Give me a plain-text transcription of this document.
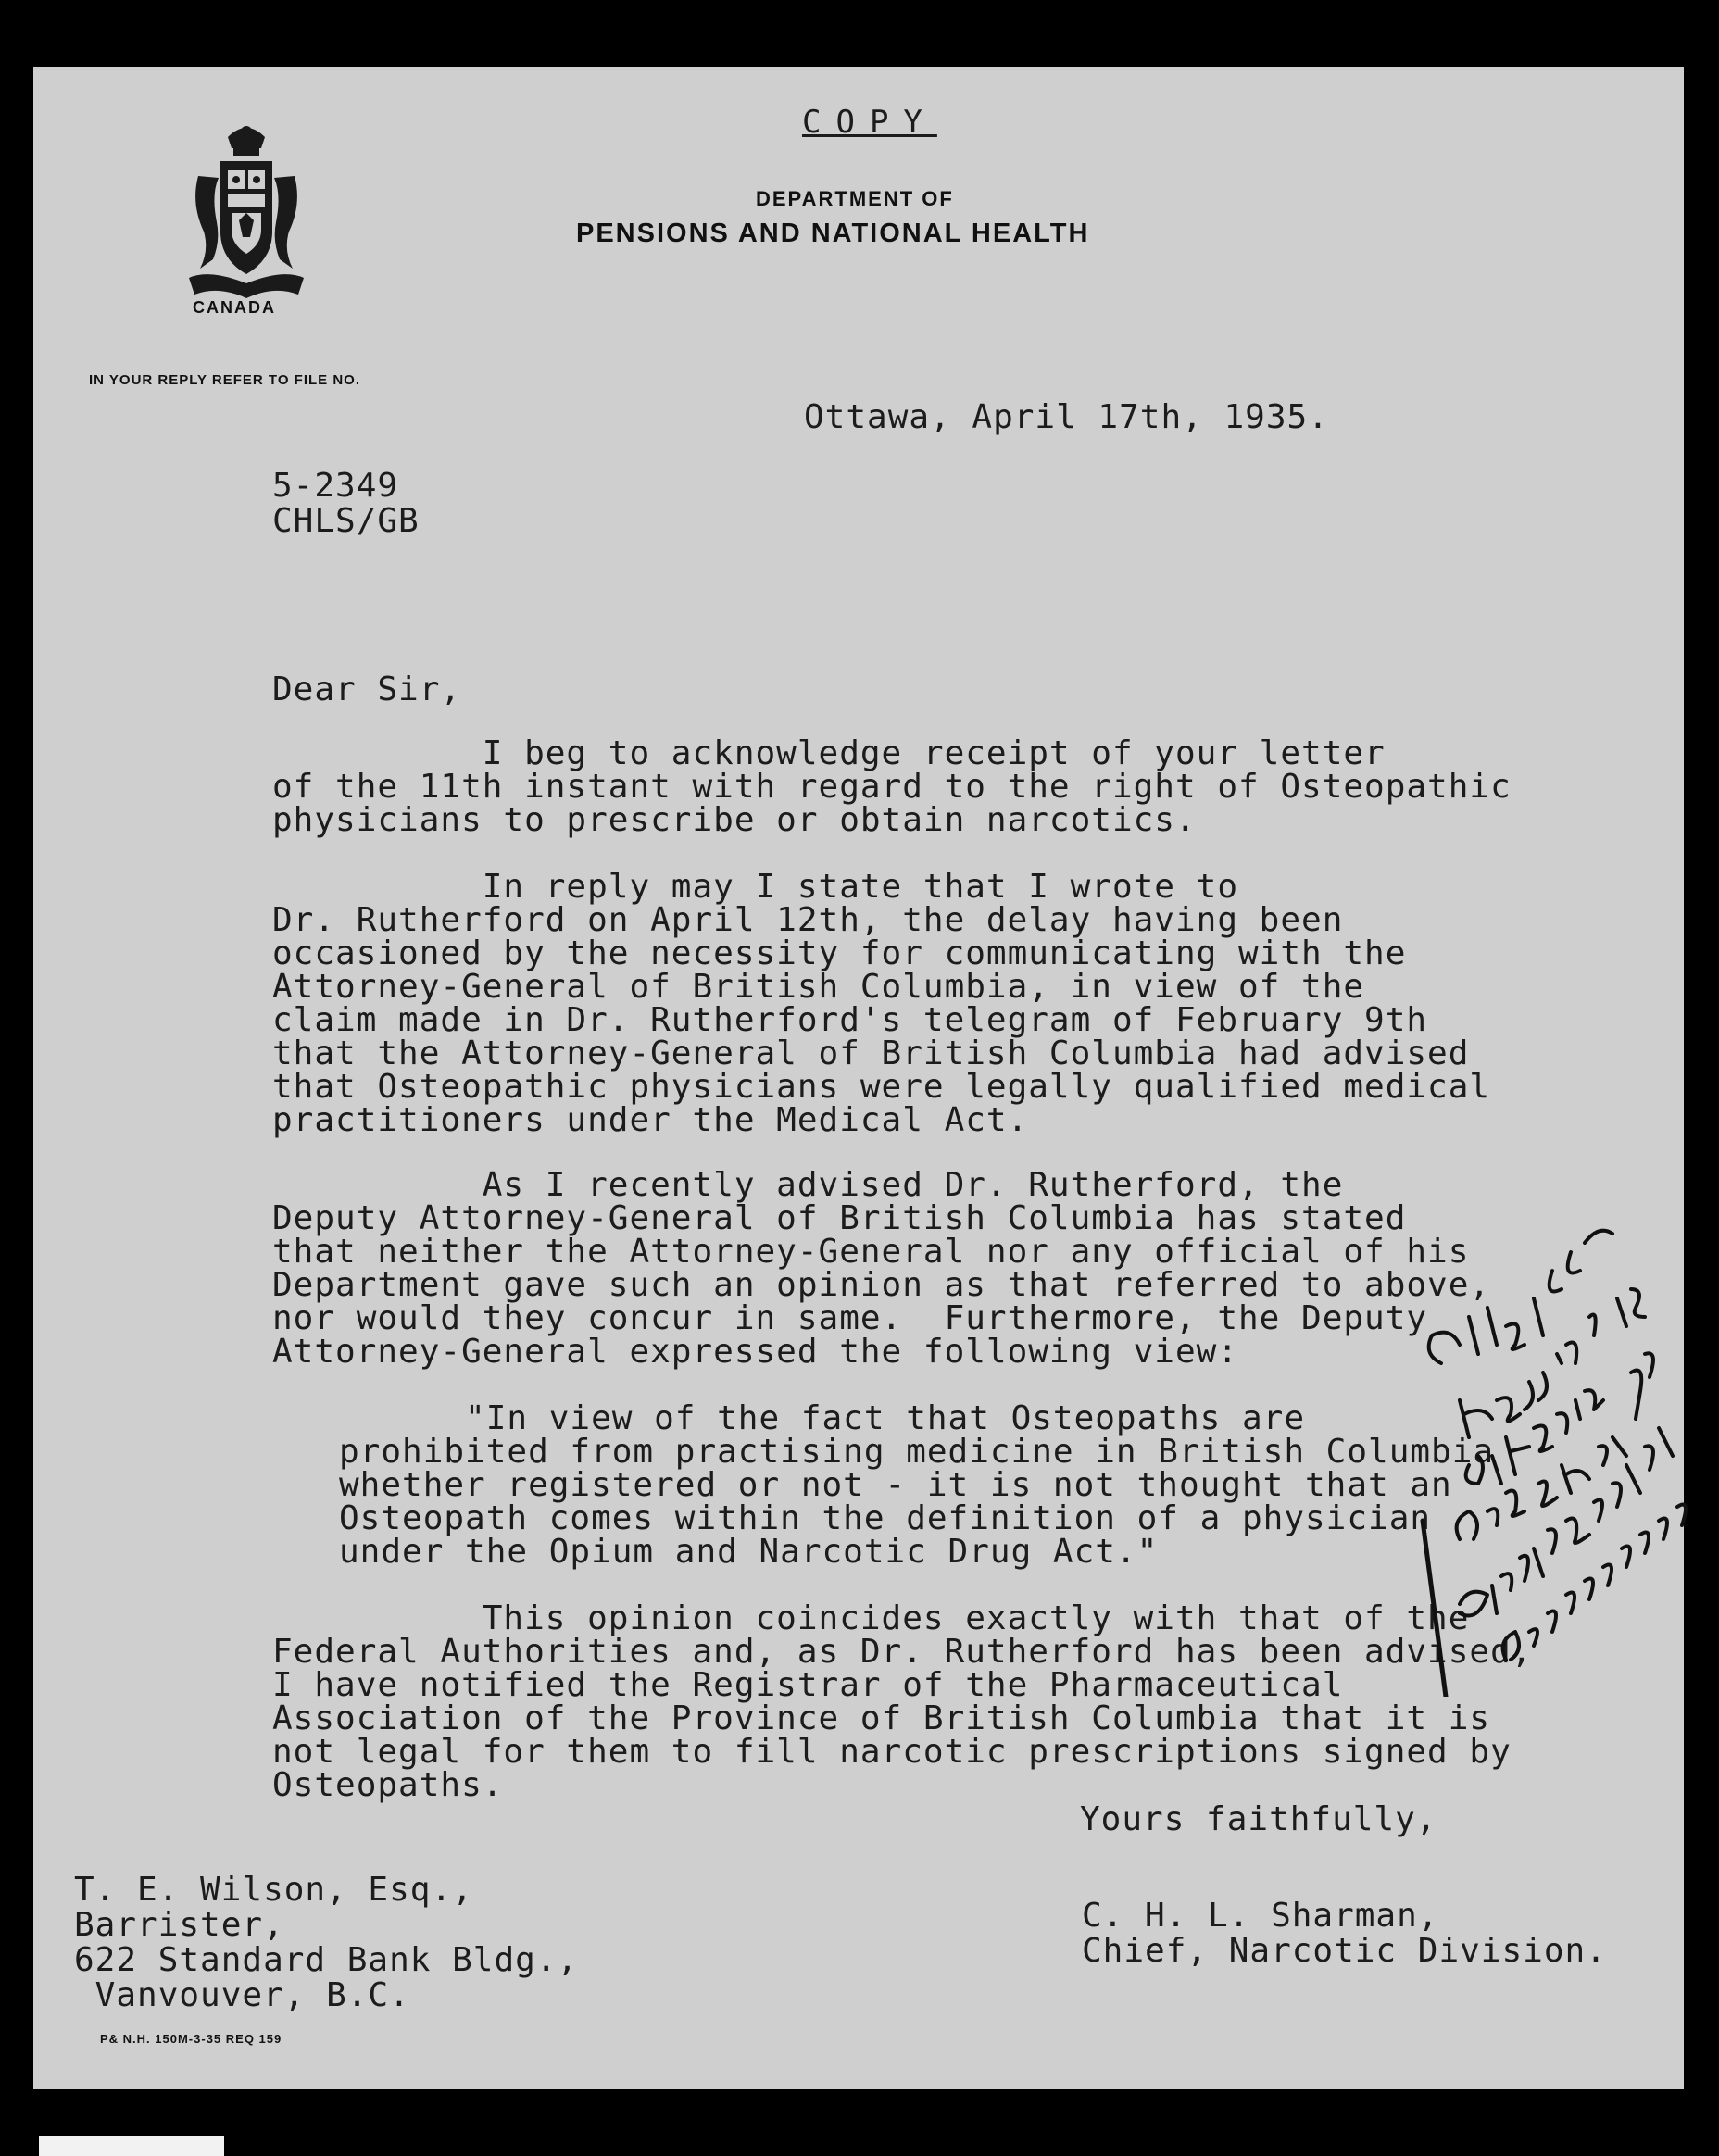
COPY
DEPARTMENT OF
PENSIONS AND NATIONAL HEALTH
CANADA
IN YOUR REPLY REFER TO FILE NO.
Ottawa, April 17th, 1935.
5-2349
CHLS/GB
Dear Sir,
I beg to acknowledge receipt of your letter
of the 11th instant with regard to the right of Osteopathic
physicians to prescribe or obtain narcotics.
In reply may I state that I wrote to
Dr. Rutherford on April 12th, the delay having been
occasioned by the necessity for communicating with the
Attorney-General of British Columbia, in view of the
claim made in Dr. Rutherford's telegram of February 9th
that the Attorney-General of British Columbia had advised
that Osteopathic physicians were legally qualified medical
practitioners under the Medical Act.
As I recently advised Dr. Rutherford, the
Deputy Attorney-General of British Columbia has stated
that neither the Attorney-General nor any official of his
Department gave such an opinion as that referred to above,
nor would they concur in same.  Furthermore, the Deputy
Attorney-General expressed the following view:
"In view of the fact that Osteopaths are
prohibited from practising medicine in British Columbia
whether registered or not - it is not thought that an
Osteopath comes within the definition of a physician
under the Opium and Narcotic Drug Act."
This opinion coincides exactly with that of the
Federal Authorities and, as Dr. Rutherford has been advised,
I have notified the Registrar of the Pharmaceutical
Association of the Province of British Columbia that it is
not legal for them to fill narcotic prescriptions signed by
Osteopaths.
Yours faithfully,
T. E. Wilson, Esq.,
Barrister,
622 Standard Bank Bldg.,
Vanvouver, B.C.
C. H. L. Sharman,
Chief, Narcotic Division.
P& N.H. 150M-3-35 REQ 159
Called to Hossick's attention as bad practice quote official correspondence 13/5
